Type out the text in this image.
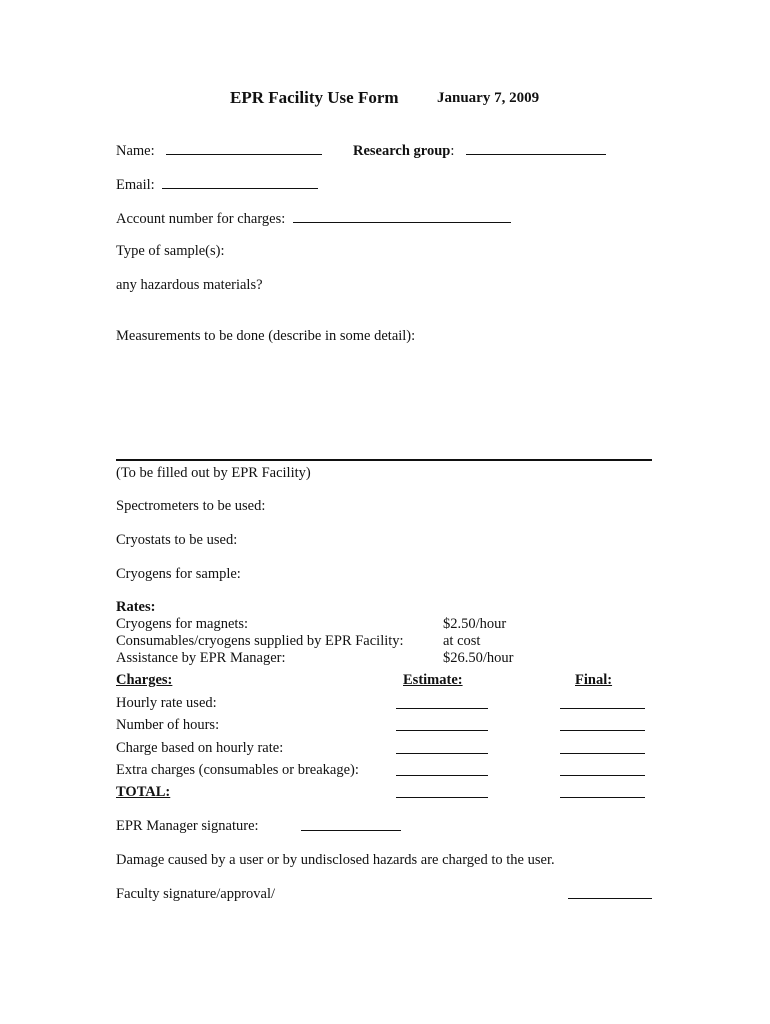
EPR Facility Use Form	January 7, 2009
Name:	Research group:
Email:
Account number for charges:
Type of sample(s):
any hazardous materials?
Measurements to be done (describe in some detail):
(To be filled out by EPR Facility)
Spectrometers to be used:
Cryostats to be used:
Cryogens for sample:
Rates:
Cryogens for magnets:	$2.50/hour
Consumables/cryogens supplied by EPR Facility:	at cost
Assistance by EPR Manager:	$26.50/hour
Charges:	Estimate:	Final:
Hourly rate used:
Number of hours:
Charge based on hourly rate:
Extra charges (consumables or breakage):
TOTAL:
EPR Manager signature:
Damage caused by a user or by undisclosed hazards are charged to the user.
Faculty signature/approval/
